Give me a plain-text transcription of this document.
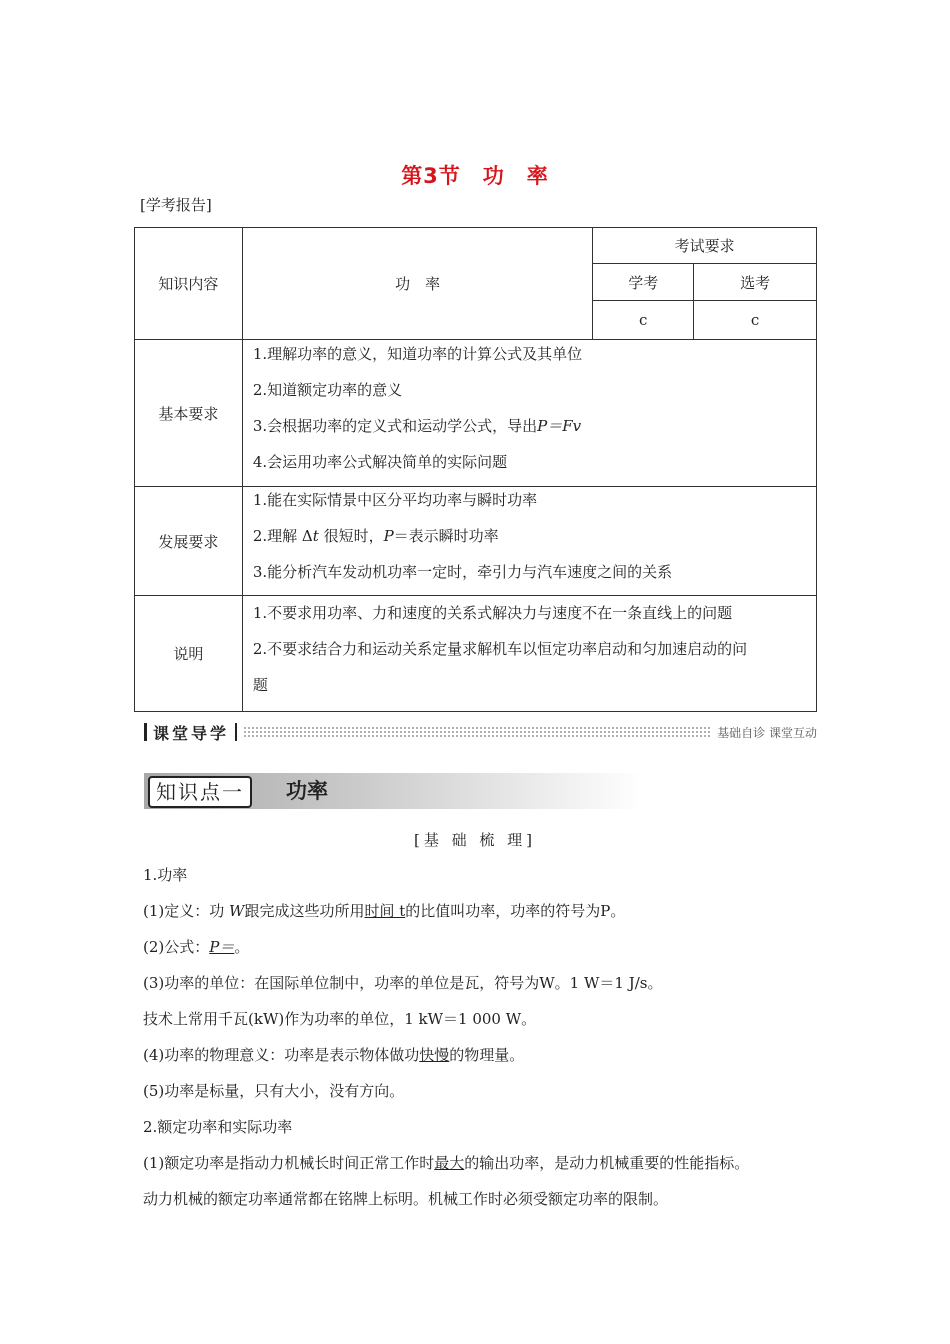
第3节　功　率
[学考报告]
知识内容	功　率	考试要求	
		学考	选考
		c	c
基本要求	1.理解功率的意义，知道功率的计算公式及其单位
2.知道额定功率的意义
3.会根据功率的定义式和运动学公式，导出P＝Fv
4.会运用功率公式解决简单的实际问题		

发展要求	1.能在实际情景中区分平均功率与瞬时功率
2.理解 Δt 很短时，P＝表示瞬时功率
3.能分析汽车发动机功率一定时，牵引力与汽车速度之间的关系		

说明	1.不要求用功率、力和速度的关系式解决力与速度不在一条直线上的问题
2.不要求结合力和运动关系定量求解机车以恒定功率启动和匀加速启动的问
题		
课堂导学	基础自诊 课堂互动
知识点一	功率
[基 础 梳 理]
1.功率
(1)定义：功 W跟完成这些功所用时间 t的比值叫功率，功率的符号为P。
(2)公式：P＝。
(3)功率的单位：在国际单位制中，功率的单位是瓦，符号为W。1 W＝1 J/s。
技术上常用千瓦(kW)作为功率的单位，1 kW＝1 000 W。
(4)功率的物理意义：功率是表示物体做功快慢的物理量。
(5)功率是标量，只有大小，没有方向。
2.额定功率和实际功率
(1)额定功率是指动力机械长时间正常工作时最大的输出功率，是动力机械重要的性能指标。
动力机械的额定功率通常都在铭牌上标明。机械工作时必须受额定功率的限制。
